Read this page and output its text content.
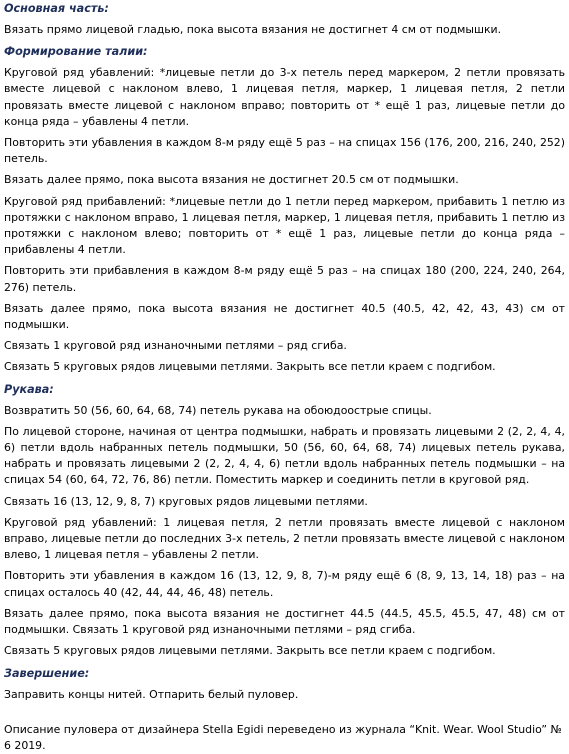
Основная часть:

Вязать прямо лицевой гладью, пока высота вязания не достигнет 4 см от подмышки.

Формирование талии:

Круговой ряд убавлений: *лицевые петли до 3-х петель перед маркером, 2 петли провязать вместе лицевой с наклоном влево, 1 лицевая петля, маркер, 1 лицевая петля, 2 петли провязать вместе лицевой с наклоном вправо; повторить от * ещё 1 раз, лицевые петли до конца ряда – убавлены 4 петли.

Повторить эти убавления в каждом 8-м ряду ещё 5 раз – на спицах 156 (176, 200, 216, 240, 252) петель.

Вязать далее прямо, пока высота вязания не достигнет 20.5 см от подмышки.

Круговой ряд прибавлений: *лицевые петли до 1 петли перед маркером, прибавить 1 петлю из протяжки с наклоном вправо, 1 лицевая петля, маркер, 1 лицевая петля, прибавить 1 петлю из протяжки с наклоном влево; повторить от * ещё 1 раз, лицевые петли до конца ряда – прибавлены 4 петли.

Повторить эти прибавления в каждом 8-м ряду ещё 5 раз – на спицах 180 (200, 224, 240, 264, 276) петель.

Вязать далее прямо, пока высота вязания не достигнет 40.5 (40.5, 42, 42, 43, 43) см от подмышки.

Связать 1 круговой ряд изнаночными петлями – ряд сгиба.

Связать 5 круговых рядов лицевыми петлями. Закрыть все петли краем с подгибом.

Рукава:

Возвратить 50 (56, 60, 64, 68, 74) петель рукава на обоюдоострые спицы.

По лицевой стороне, начиная от центра подмышки, набрать и провязать лицевыми 2 (2, 2, 4, 4, 6) петли вдоль набранных петель подмышки, 50 (56, 60, 64, 68, 74) лицевых петель рукава, набрать и провязать лицевыми 2 (2, 2, 4, 4, 6) петли вдоль набранных петель подмышки – на спицах 54 (60, 64, 72, 76, 86) петли. Поместить маркер и соединить петли в круговой ряд.

Связать 16 (13, 12, 9, 8, 7) круговых рядов лицевыми петлями.

Круговой ряд убавлений: 1 лицевая петля, 2 петли провязать вместе лицевой с наклоном вправо, лицевые петли до последних 3-х петель, 2 петли провязать вместе лицевой с наклоном влево, 1 лицевая петля – убавлены 2 петли.

Повторить эти убавления в каждом 16 (13, 12, 9, 8, 7)-м ряду ещё 6 (8, 9, 13, 14, 18) раз – на спицах осталось 40 (42, 44, 44, 46, 48) петель.

Вязать далее прямо, пока высота вязания не достигнет 44.5 (44.5, 45.5, 45.5, 47, 48) см от подмышки. Связать 1 круговой ряд изнаночными петлями – ряд сгиба.

Связать 5 круговых рядов лицевыми петлями. Закрыть все петли краем с подгибом.

Завершение:

Заправить концы нитей. Отпарить белый пуловер.

Описание пуловера от дизайнера Stella Egidi переведено из журнала “Knit. Wear. Wool Studio” № 6 2019.
